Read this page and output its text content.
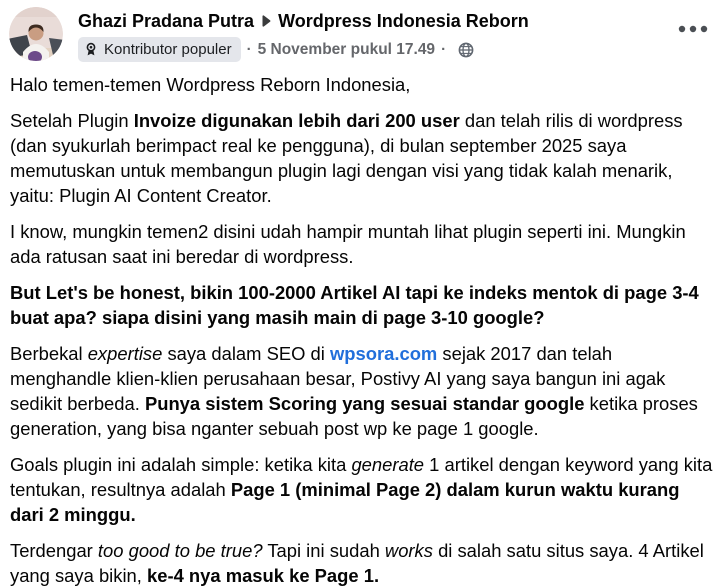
Ghazi Pradana Putra Wordpress Indonesia Reborn
Kontributor populer · 5 November pukul 17.49 ·

Halo temen-temen Wordpress Reborn Indonesia,

Setelah Plugin Invoize digunakan lebih dari 200 user dan telah rilis di wordpress (dan syukurlah berimpact real ke pengguna), di bulan september 2025 saya memutuskan untuk membangun plugin lagi dengan visi yang tidak kalah menarik, yaitu: Plugin AI Content Creator.

I know, mungkin temen2 disini udah hampir muntah lihat plugin seperti ini. Mungkin ada ratusan saat ini beredar di wordpress.

But Let's be honest, bikin 100-2000 Artikel AI tapi ke indeks mentok di page 3-4 buat apa? siapa disini yang masih main di page 3-10 google?

Berbekal expertise saya dalam SEO di wpsora.com sejak 2017 dan telah menghandle klien-klien perusahaan besar, Postivy AI yang saya bangun ini agak sedikit berbeda. Punya sistem Scoring yang sesuai standar google ketika proses generation, yang bisa nganter sebuah post wp ke page 1 google.

Goals plugin ini adalah simple: ketika kita generate 1 artikel dengan keyword yang kita tentukan, resultnya adalah Page 1 (minimal Page 2) dalam kurun waktu kurang dari 2 minggu.

Terdengar too good to be true? Tapi ini sudah works di salah satu situs saya. 4 Artikel yang saya bikin, ke-4 nya masuk ke Page 1.
